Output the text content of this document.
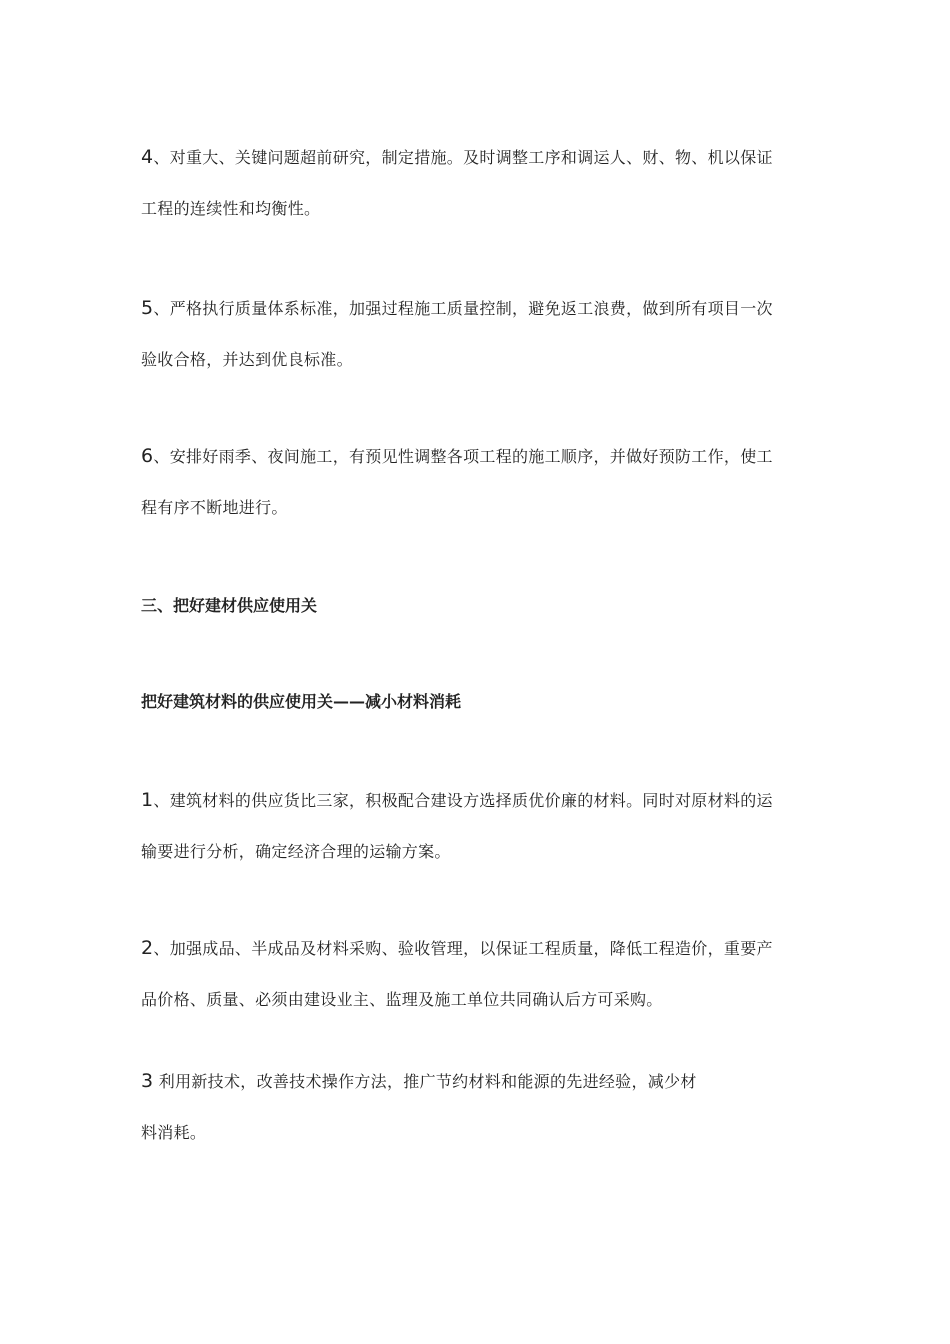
4、对重大、关键问题超前研究，制定措施。及时调整工序和调运人、财、物、机以保证
工程的连续性和均衡性。
5、严格执行质量体系标准，加强过程施工质量控制，避免返工浪费，做到所有项目一次
验收合格，并达到优良标准。
6、安排好雨季、夜间施工，有预见性调整各项工程的施工顺序，并做好预防工作，使工
程有序不断地进行。
三、把好建材供应使用关
把好建筑材料的供应使用关——减小材料消耗
1、建筑材料的供应货比三家，积极配合建设方选择质优价廉的材料。同时对原材料的运
输要进行分析，确定经济合理的运输方案。
2、加强成品、半成品及材料采购、验收管理，以保证工程质量，降低工程造价，重要产
品价格、质量、必须由建设业主、监理及施工单位共同确认后方可采购。
3 利用新技术，改善技术操作方法，推广节约材料和能源的先进经验，减少材
料消耗。
